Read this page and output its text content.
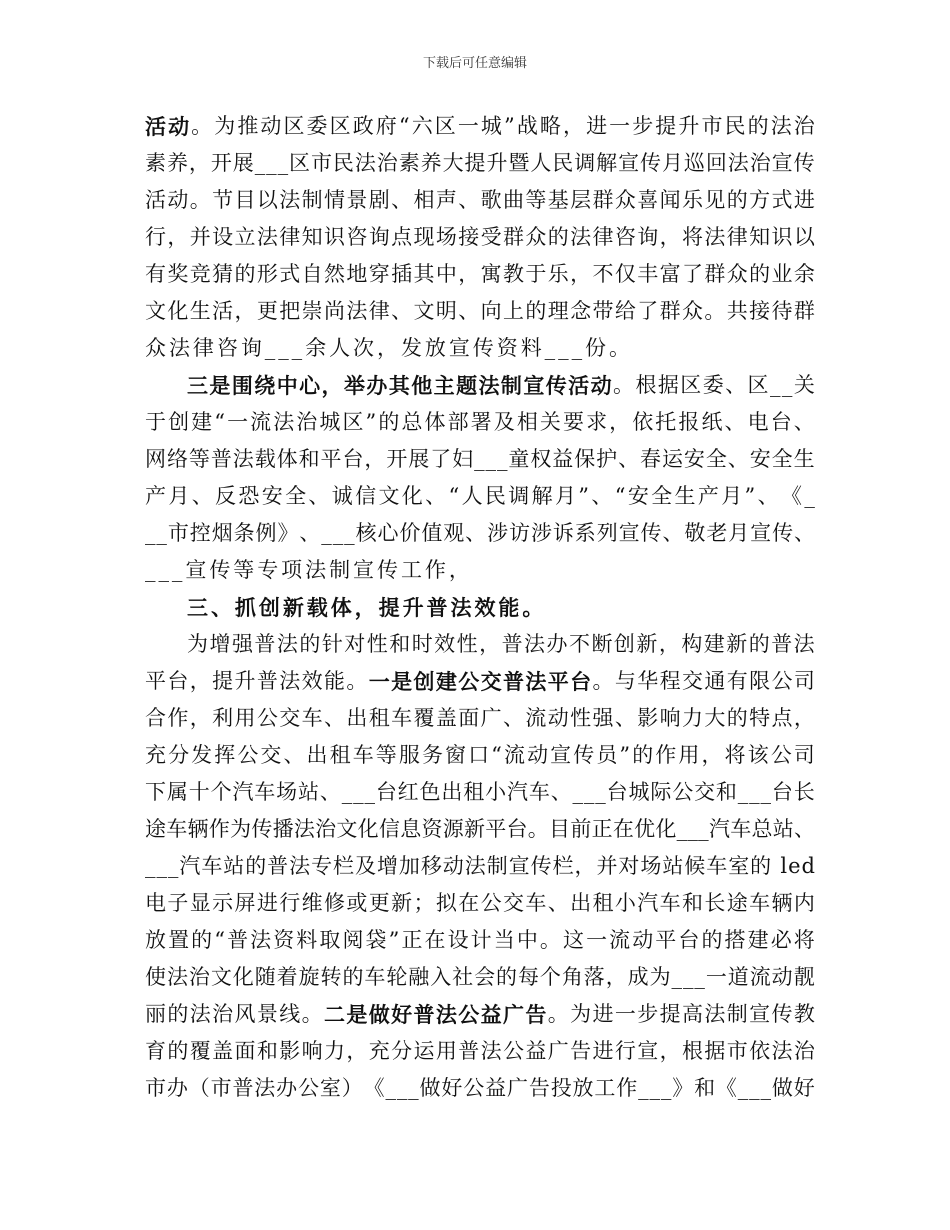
下载后可任意编辑
活 动 。 为 推 动 区 委 区 政 府 “ 六 区 一 城 ” 战 略 ， 进 一 步 提 升 市 民 的 法 治
素 养 ， 开 展 _ _ _ 区 市 民 法 治 素 养 大 提 升 暨 人 民 调 解 宣 传 月 巡 回 法 治 宣 传
活 动 。 节 目 以 法 制 情 景 剧 、 相 声 、 歌 曲 等 基 层 群 众 喜 闻 乐 见 的 方 式 进
行 ， 并 设 立 法 律 知 识 咨 询 点 现 场 接 受 群 众 的 法 律 咨 询 ， 将 法 律 知 识 以
有 奖 竞 猜 的 形 式 自 然 地 穿 插 其 中 ， 寓 教 于 乐 ， 不 仅 丰 富 了 群 众 的 业 余
文 化 生 活 ， 更 把 崇 尚 法 律 、 文 明 、 向 上 的 理 念 带 给 了 群 众 。 共 接 待 群
众 法 律 咨 询 _ _ _ 余 人 次 ， 发 放 宣 传 资 料 _ _ _ 份 。
三 是 围 绕 中 心 ， 举 办 其 他 主 题 法 制 宣 传 活 动 。 根 据 区 委 、 区 _ _ 关
于 创 建 “ 一 流 法 治 城 区 ” 的 总 体 部 署 及 相 关 要 求 ， 依 托 报 纸 、 电 台 、
网 络 等 普 法 载 体 和 平 台 ， 开 展 了 妇 _ _ _ 童 权 益 保 护 、 春 运 安 全 、 安 全 生
产 月 、 反 恐 安 全 、 诚 信 文 化 、 “ 人 民 调 解 月 ” 、 “ 安 全 生 产 月 ” 、 《 _
_ _ 市 控 烟 条 例 》 、 _ _ _ 核 心 价 值 观 、 涉 访 涉 诉 系 列 宣 传 、 敬 老 月 宣 传 、
_ _ _ 宣 传 等 专 项 法 制 宣 传 工 作 ，
三 、 抓 创 新 载 体 ， 提 升 普 法 效 能 。
为 增 强 普 法 的 针 对 性 和 时 效 性 ， 普 法 办 不 断 创 新 ， 构 建 新 的 普 法
平 台 ， 提 升 普 法 效 能 。 一 是 创 建 公 交 普 法 平 台 。 与 华 程 交 通 有 限 公 司
合 作 ， 利 用 公 交 车 、 出 租 车 覆 盖 面 广 、 流 动 性 强 、 影 响 力 大 的 特 点 ，
充 分 发 挥 公 交 、 出 租 车 等 服 务 窗 口 “ 流 动 宣 传 员 ” 的 作 用 ， 将 该 公 司
下 属 十 个 汽 车 场 站 、 _ _ _ 台 红 色 出 租 小 汽 车 、 _ _ _ 台 城 际 公 交 和 _ _ _ 台 长
途 车 辆 作 为 传 播 法 治 文 化 信 息 资 源 新 平 台 。 目 前 正 在 优 化 _ _ _ 汽 车 总 站 、
_ _ _ 汽 车 站 的 普 法 专 栏 及 增 加 移 动 法 制 宣 传 栏 ， 并 对 场 站 候 车 室 的 l e d
电 子 显 示 屏 进 行 维 修 或 更 新 ； 拟 在 公 交 车 、 出 租 小 汽 车 和 长 途 车 辆 内
放 置 的 “ 普 法 资 料 取 阅 袋 ” 正 在 设 计 当 中 。 这 一 流 动 平 台 的 搭 建 必 将
使 法 治 文 化 随 着 旋 转 的 车 轮 融 入 社 会 的 每 个 角 落 ， 成 为 _ _ _ 一 道 流 动 靓
丽 的 法 治 风 景 线 。 二 是 做 好 普 法 公 益 广 告 。 为 进 一 步 提 高 法 制 宣 传 教
育 的 覆 盖 面 和 影 响 力 ， 充 分 运 用 普 法 公 益 广 告 进 行 宣 ， 根 据 市 依 法 治
市 办 （ 市 普 法 办 公 室 ） 《 _ _ _ 做 好 公 益 广 告 投 放 工 作 _ _ _ 》 和 《 _ _ _ 做 好
